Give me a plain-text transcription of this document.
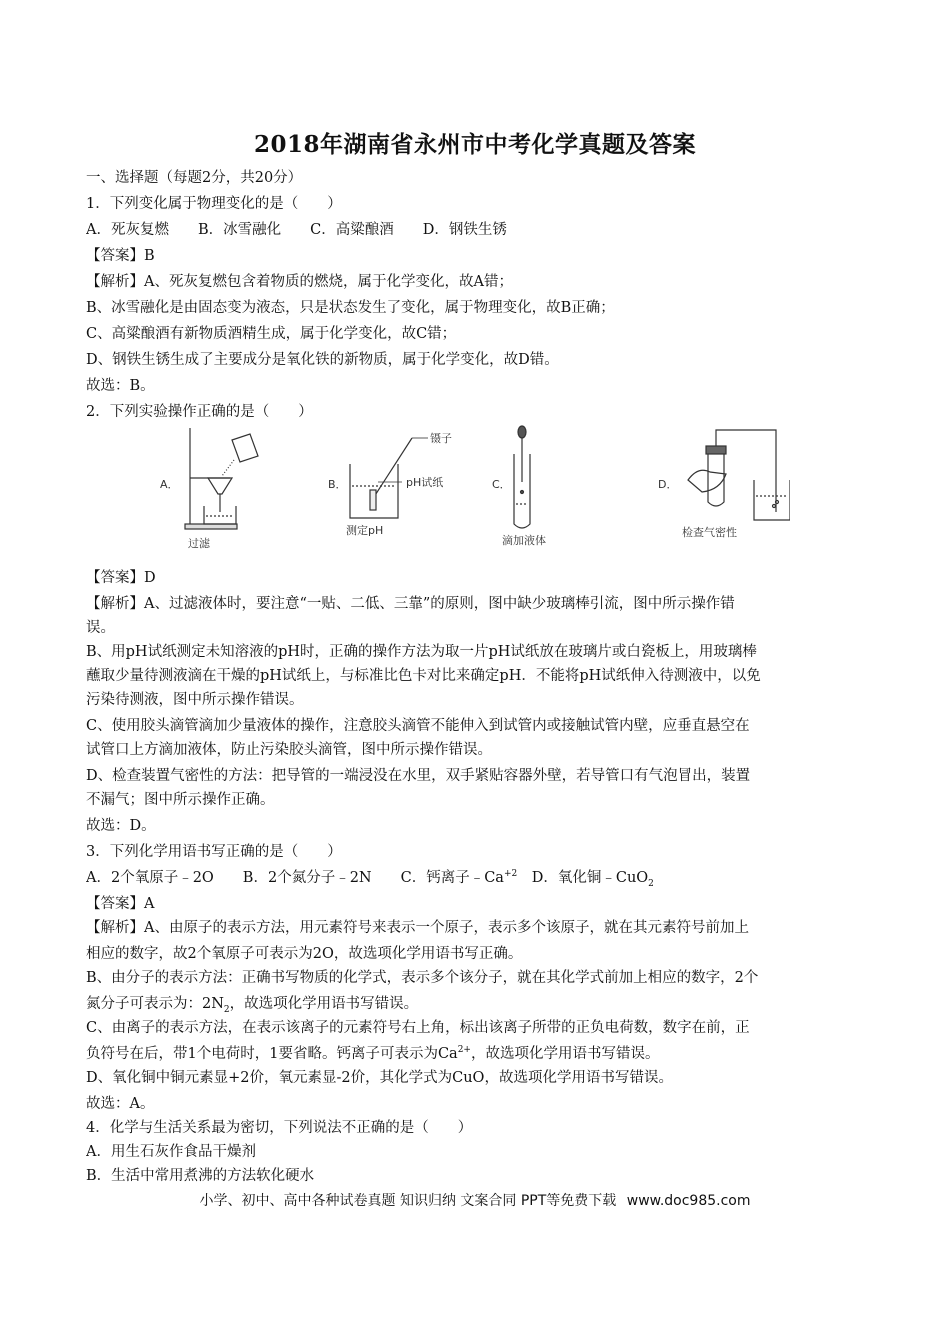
2018年湖南省永州市中考化学真题及答案
一、选择题（每题2分，共20分）
1．下列变化属于物理变化的是（　　）
A．死灰复燃　　B．冰雪融化　　C．高粱酿酒　　D．钢铁生锈
【答案】B
【解析】A、死灰复燃包含着物质的燃烧，属于化学变化，故A错；
B、冰雪融化是由固态变为液态，只是状态发生了变化，属于物理变化，故B正确；
C、高粱酿酒有新物质酒精生成，属于化学变化，故C错；
D、钢铁生锈生成了主要成分是氧化铁的新物质，属于化学变化，故D错。
故选：B。
2．下列实验操作正确的是（　　）
A．
过滤
B．
镊子
pH试纸
测定pH
C．
滴加液体
D．
检查气密性
【答案】D
【解析】A、过滤液体时，要注意“一贴、二低、三靠”的原则，图中缺少玻璃棒引流，图中所示操作错
误。
B、用pH试纸测定未知溶液的pH时，正确的操作方法为取一片pH试纸放在玻璃片或白瓷板上，用玻璃棒
蘸取少量待测液滴在干燥的pH试纸上，与标准比色卡对比来确定pH．不能将pH试纸伸入待测液中，以免
污染待测液，图中所示操作错误。
C、使用胶头滴管滴加少量液体的操作，注意胶头滴管不能伸入到试管内或接触试管内壁，应垂直悬空在
试管口上方滴加液体，防止污染胶头滴管，图中所示操作错误。
D、检查装置气密性的方法：把导管的一端浸没在水里，双手紧贴容器外壁，若导管口有气泡冒出，装置
不漏气；图中所示操作正确。
故选：D。
3．下列化学用语书写正确的是（　　）
A．2个氧原子﹣2O　　B．2个氮分子﹣2N　　C．钙离子$﹣Ca^{+2}$　D．氧化铜﹣CuO$_2$
【答案】A
【解析】A、由原子的表示方法，用元素符号来表示一个原子，表示多个该原子，就在其元素符号前加上
相应的数字，故2个氧原子可表示为2O，故选项化学用语书写正确。
B、由分子的表示方法：正确书写物质的化学式，表示多个该分子，就在其化学式前加上相应的数字，2个
氮分子可表示为：$2N_2$，故选项化学用语书写错误。
C、由离子的表示方法，在表示该离子的元素符号右上角，标出该离子所带的正负电荷数，数字在前，正
负符号在后，带1个电荷时，1要省略。钙离子可表示为$Ca^{2+}$，故选项化学用语书写错误。
D、氧化铜中铜元素显+2价，氧元素显-2价，其化学式为CuO，故选项化学用语书写错误。
故选：A。
4．化学与生活关系最为密切，下列说法不正确的是（　　）
A．用生石灰作食品干燥剂
B．生活中常用煮沸的方法软化硬水
小学、初中、高中各种试卷真题 知识归纳 文案合同 PPT等免费下载 www.doc985.com
